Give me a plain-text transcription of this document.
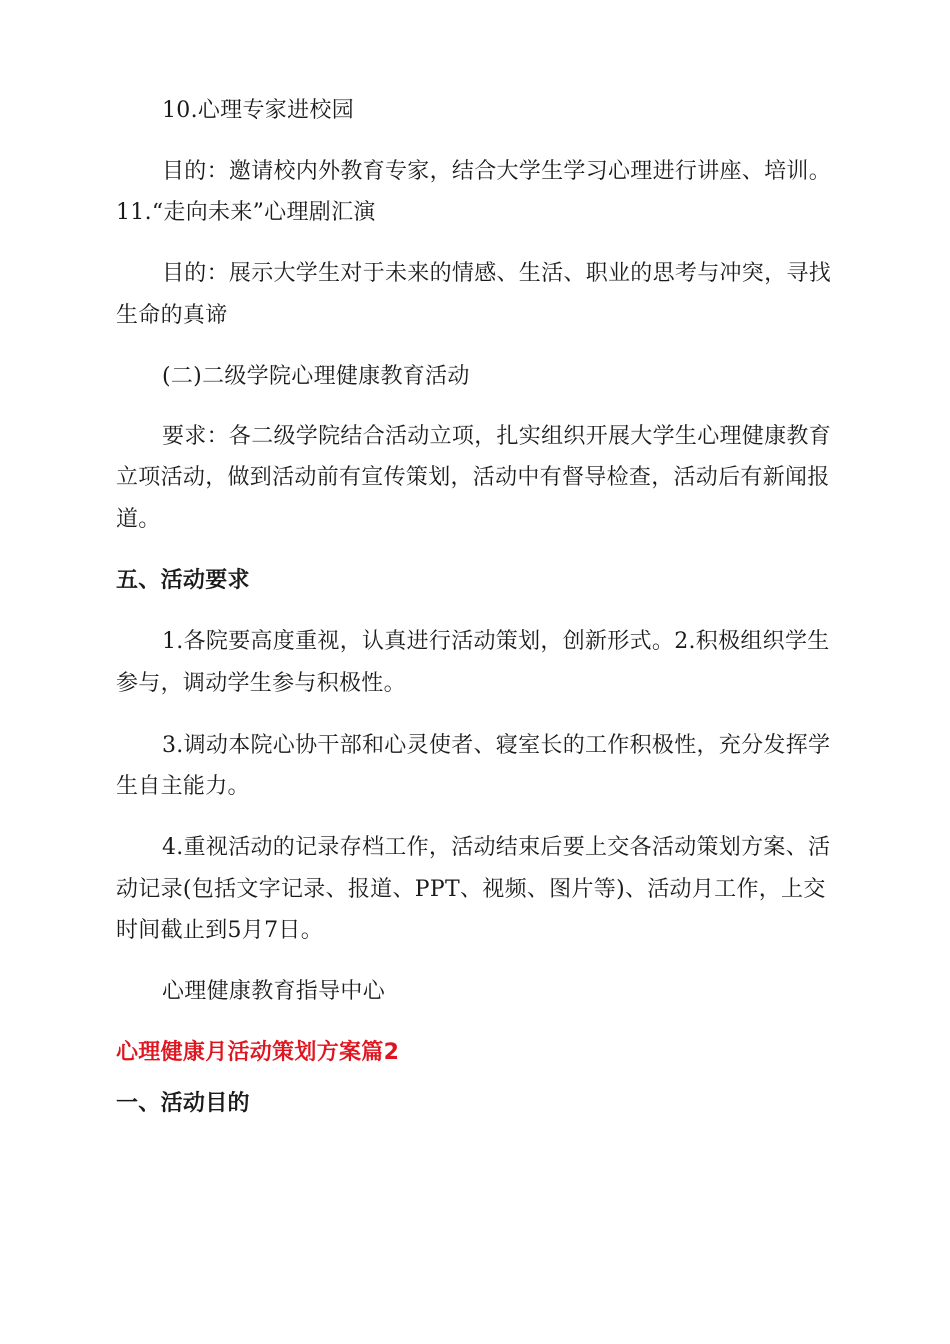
10.心理专家进校园
目的：邀请校内外教育专家，结合大学生学习心理进行讲座、培训。
11.“走向未来”心理剧汇演
目的：展示大学生对于未来的情感、生活、职业的思考与冲突，寻找
生命的真谛
(二)二级学院心理健康教育活动
要求：各二级学院结合活动立项，扎实组织开展大学生心理健康教育
立项活动，做到活动前有宣传策划，活动中有督导检查，活动后有新闻报
道。
五、活动要求
1.各院要高度重视，认真进行活动策划，创新形式。2.积极组织学生
参与，调动学生参与积极性。
3.调动本院心协干部和心灵使者、寝室长的工作积极性，充分发挥学
生自主能力。
4.重视活动的记录存档工作，活动结束后要上交各活动策划方案、活
动记录(包括文字记录、报道、PPT、视频、图片等)、活动月工作，上交
时间截止到5月7日。
心理健康教育指导中心
心理健康月活动策划方案篇2
一、活动目的
